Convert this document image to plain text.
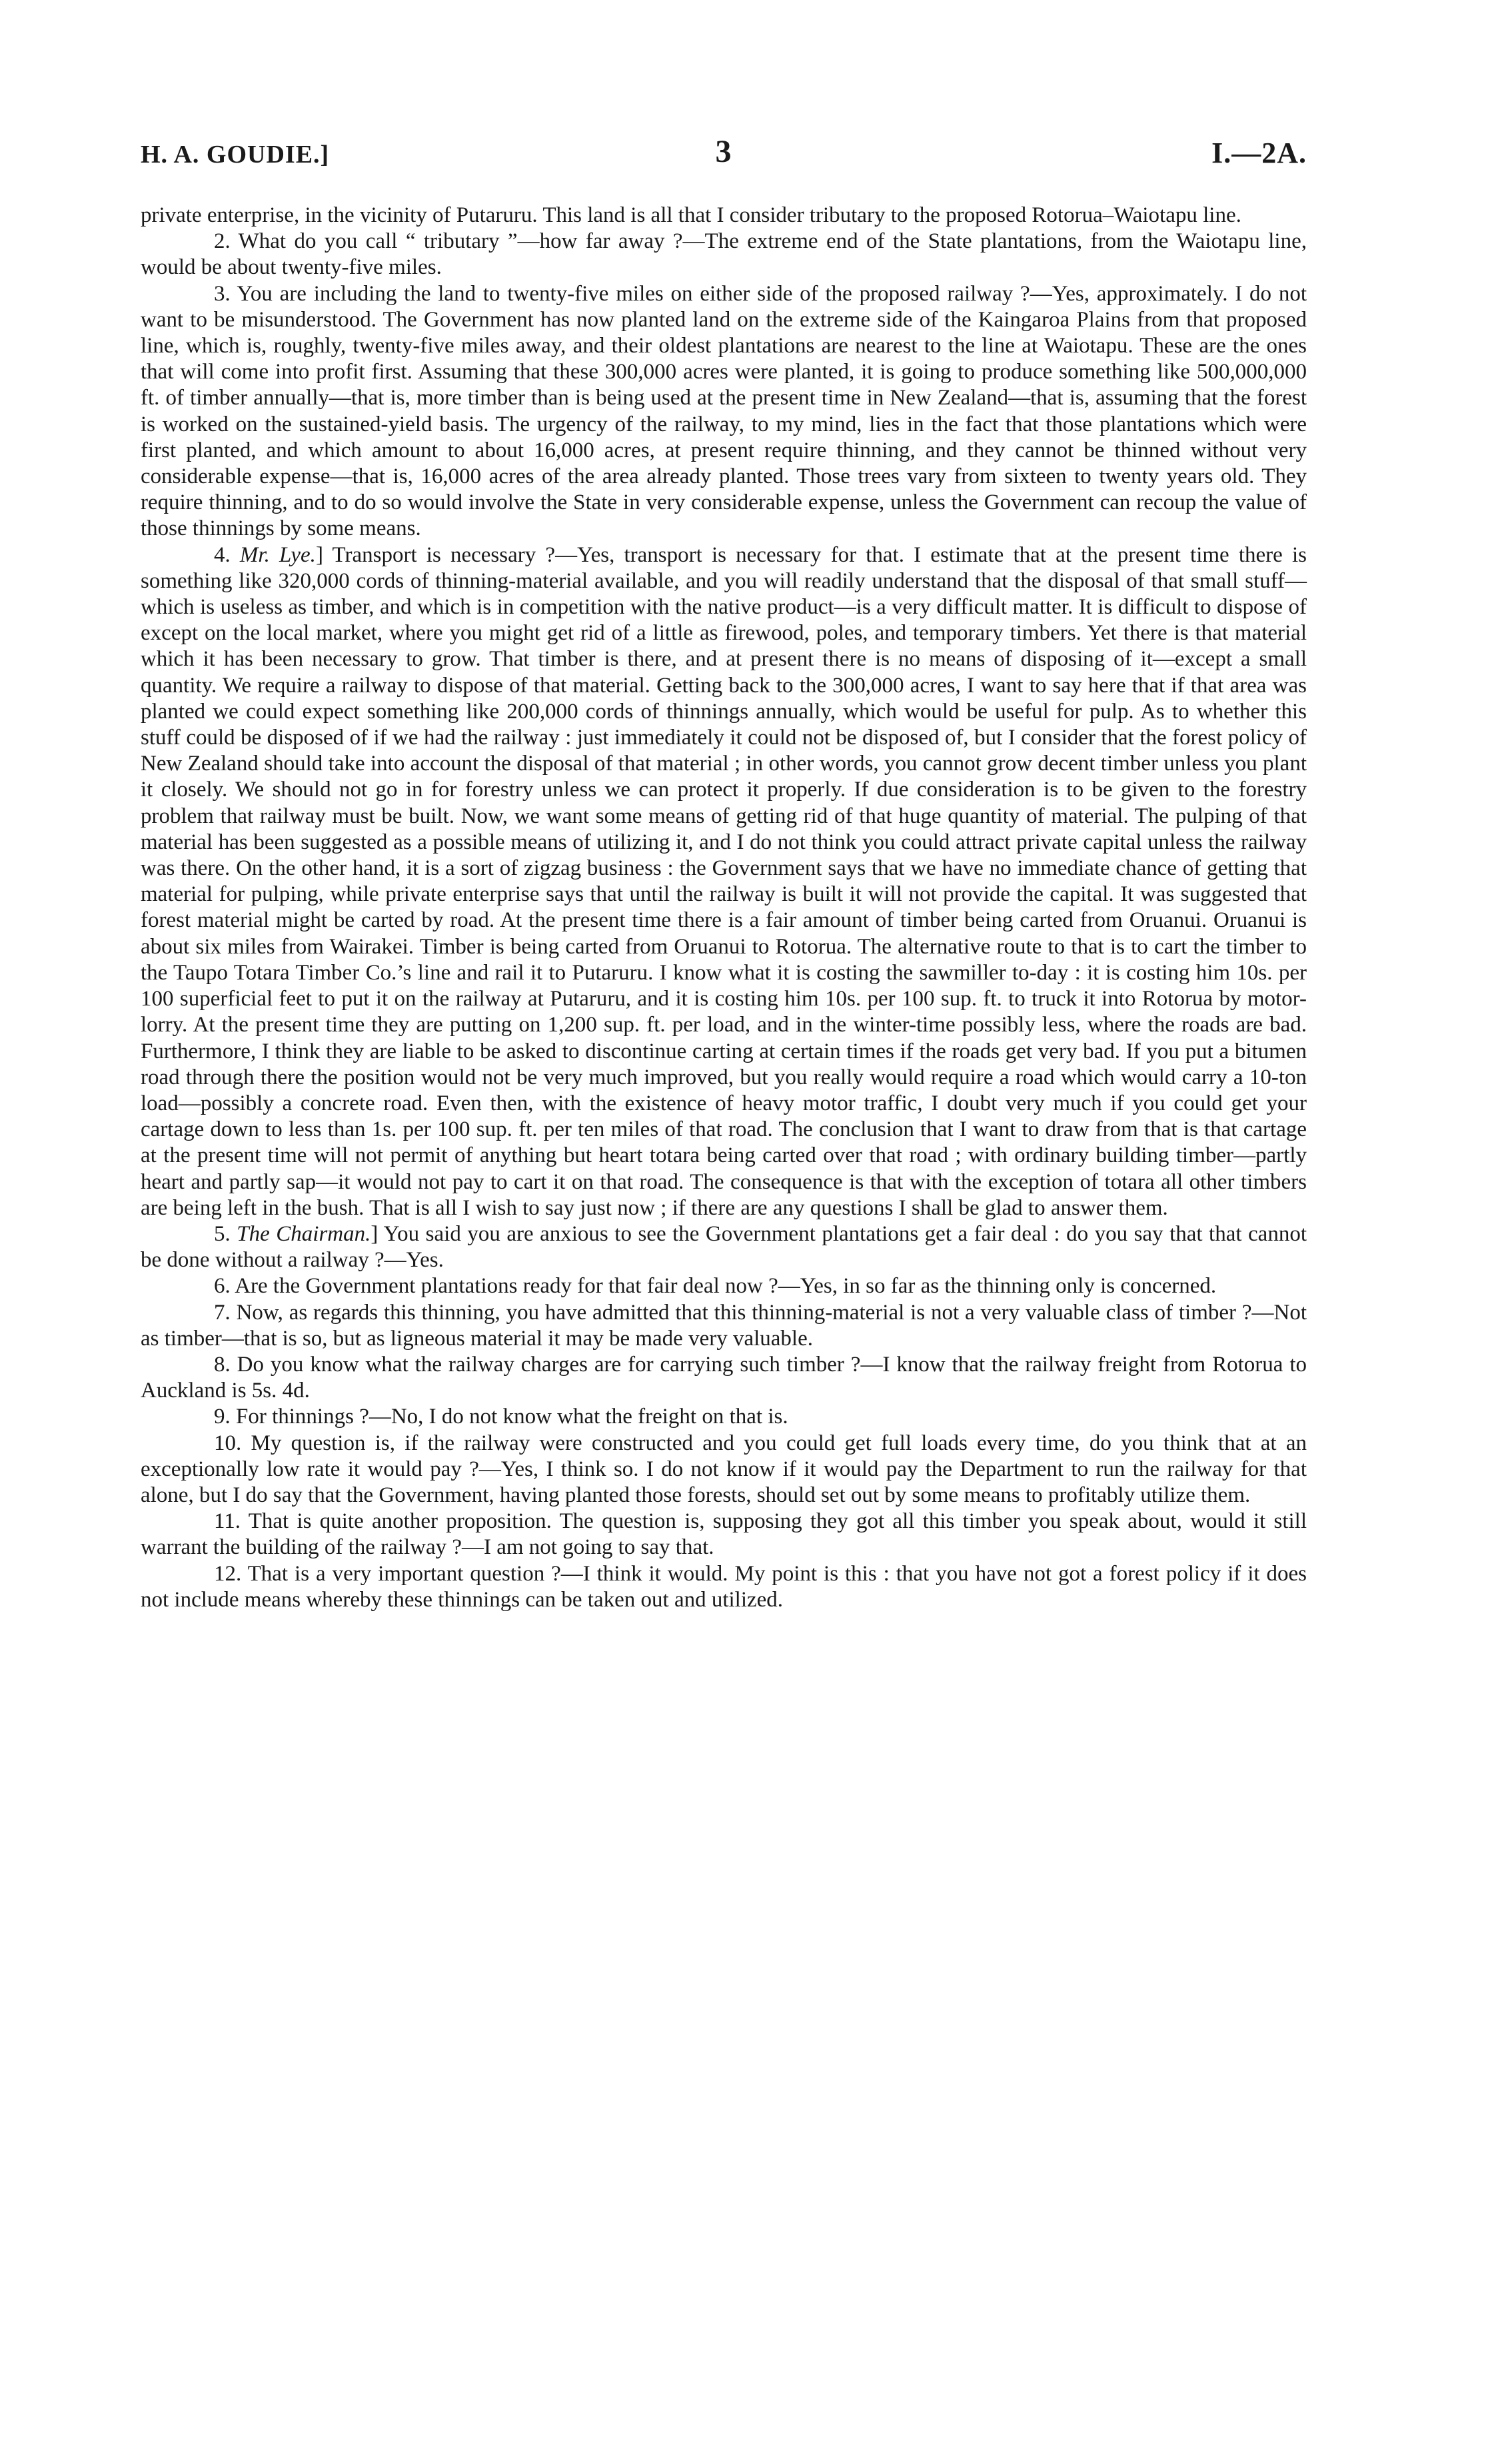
H. A. GOUDIE.]	3	I.—2A.

private enterprise, in the vicinity of Putaruru. This land is all that I consider tributary to the proposed Rotorua–Waiotapu line.

2. What do you call “ tributary ”—how far away ?—The extreme end of the State plantations, from the Waiotapu line, would be about twenty-five miles.

3. You are including the land to twenty-five miles on either side of the proposed railway ?—Yes, approximately. I do not want to be misunderstood. The Government has now planted land on the extreme side of the Kaingaroa Plains from that proposed line, which is, roughly, twenty-five miles away, and their oldest plantations are nearest to the line at Waiotapu. These are the ones that will come into profit first. Assuming that these 300,000 acres were planted, it is going to produce something like 500,000,000 ft. of timber annually—that is, more timber than is being used at the present time in New Zealand—that is, assuming that the forest is worked on the sustained-yield basis. The urgency of the railway, to my mind, lies in the fact that those plantations which were first planted, and which amount to about 16,000 acres, at present require thinning, and they cannot be thinned without very considerable expense—that is, 16,000 acres of the area already planted. Those trees vary from sixteen to twenty years old. They require thinning, and to do so would involve the State in very considerable expense, unless the Government can recoup the value of those thinnings by some means.

4. Mr. Lye.] Transport is necessary ?—Yes, transport is necessary for that. I estimate that at the present time there is something like 320,000 cords of thinning-material available, and you will readily understand that the disposal of that small stuff—which is useless as timber, and which is in competition with the native product—is a very difficult matter. It is difficult to dispose of except on the local market, where you might get rid of a little as firewood, poles, and temporary timbers. Yet there is that material which it has been necessary to grow. That timber is there, and at present there is no means of disposing of it—except a small quantity. We require a railway to dispose of that material. Getting back to the 300,000 acres, I want to say here that if that area was planted we could expect something like 200,000 cords of thinnings annually, which would be useful for pulp. As to whether this stuff could be disposed of if we had the railway : just immediately it could not be disposed of, but I consider that the forest policy of New Zealand should take into account the disposal of that material ; in other words, you cannot grow decent timber unless you plant it closely. We should not go in for forestry unless we can protect it properly. If due consideration is to be given to the forestry problem that railway must be built. Now, we want some means of getting rid of that huge quantity of material. The pulping of that material has been suggested as a possible means of utilizing it, and I do not think you could attract private capital unless the railway was there. On the other hand, it is a sort of zigzag business : the Government says that we have no immediate chance of getting that material for pulping, while private enterprise says that until the railway is built it will not provide the capital. It was suggested that forest material might be carted by road. At the present time there is a fair amount of timber being carted from Oruanui. Oruanui is about six miles from Wairakei. Timber is being carted from Oruanui to Rotorua. The alternative route to that is to cart the timber to the Taupo Totara Timber Co.’s line and rail it to Putaruru. I know what it is costing the sawmiller to-day : it is costing him 10s. per 100 superficial feet to put it on the railway at Putaruru, and it is costing him 10s. per 100 sup. ft. to truck it into Rotorua by motor-lorry. At the present time they are putting on 1,200 sup. ft. per load, and in the winter-time possibly less, where the roads are bad. Furthermore, I think they are liable to be asked to discontinue carting at certain times if the roads get very bad. If you put a bitumen road through there the position would not be very much improved, but you really would require a road which would carry a 10-ton load—possibly a concrete road. Even then, with the existence of heavy motor traffic, I doubt very much if you could get your cartage down to less than 1s. per 100 sup. ft. per ten miles of that road. The conclusion that I want to draw from that is that cartage at the present time will not permit of anything but heart totara being carted over that road ; with ordinary building timber—partly heart and partly sap—it would not pay to cart it on that road. The consequence is that with the exception of totara all other timbers are being left in the bush. That is all I wish to say just now ; if there are any questions I shall be glad to answer them.

5. The Chairman.] You said you are anxious to see the Government plantations get a fair deal : do you say that that cannot be done without a railway ?—Yes.

6. Are the Government plantations ready for that fair deal now ?—Yes, in so far as the thinning only is concerned.

7. Now, as regards this thinning, you have admitted that this thinning-material is not a very valuable class of timber ?—Not as timber—that is so, but as ligneous material it may be made very valuable.

8. Do you know what the railway charges are for carrying such timber ?—I know that the railway freight from Rotorua to Auckland is 5s. 4d.

9. For thinnings ?—No, I do not know what the freight on that is.

10. My question is, if the railway were constructed and you could get full loads every time, do you think that at an exceptionally low rate it would pay ?—Yes, I think so. I do not know if it would pay the Department to run the railway for that alone, but I do say that the Government, having planted those forests, should set out by some means to profitably utilize them.

11. That is quite another proposition. The question is, supposing they got all this timber you speak about, would it still warrant the building of the railway ?—I am not going to say that.

12. That is a very important question ?—I think it would. My point is this : that you have not got a forest policy if it does not include means whereby these thinnings can be taken out and utilized.
